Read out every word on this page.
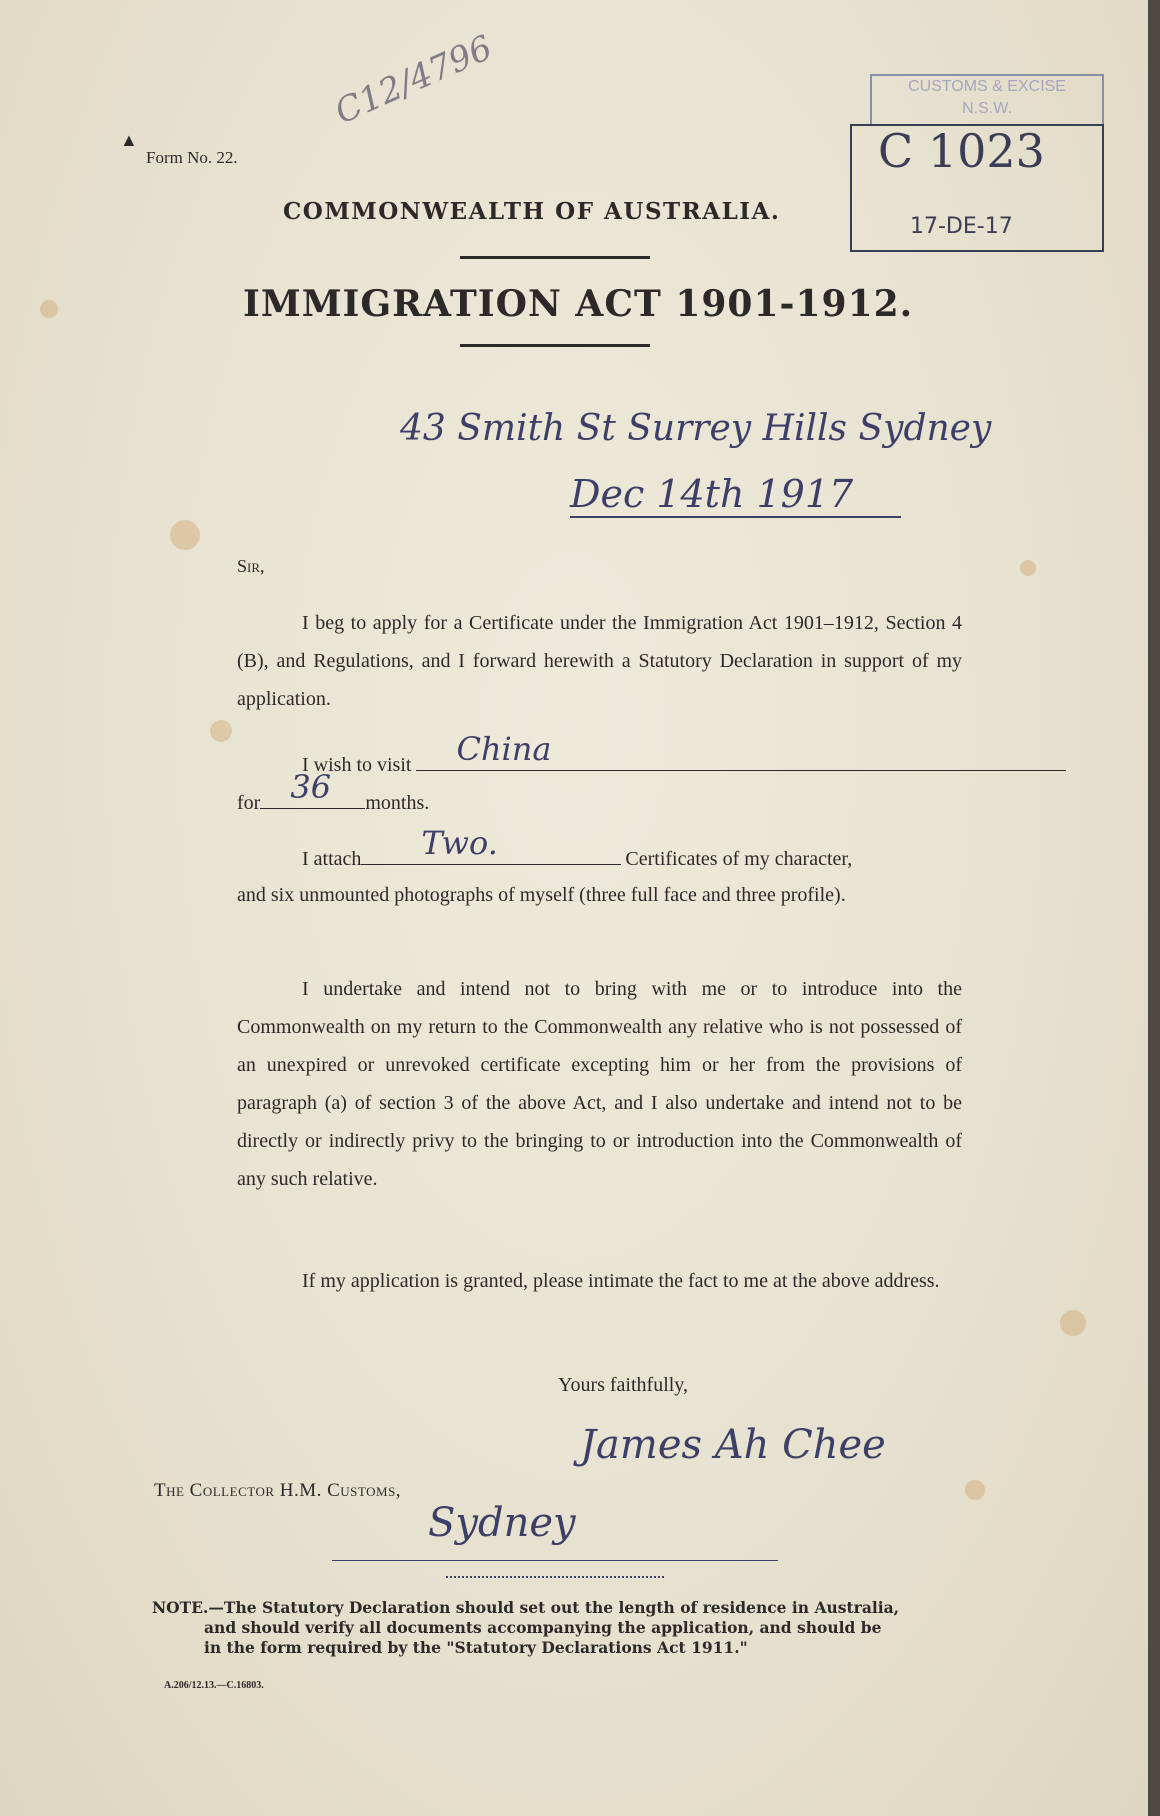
C12/4796
▲
Form No. 22.
COMMONWEALTH OF AUSTRALIA.
IMMIGRATION ACT 1901-1912.
CUSTOMS & EXCISE
N.S.W.
C 1023
17-DE-17
43 Smith St Surrey Hills Sydney
Dec 14th 1917
Sir,
I beg to apply for a Certificate under the Immigration Act 1901–1912, Section 4 (B), and Regulations, and I forward herewith a Statutory Declaration in support of my application.
I wish to visit China
for 36 months.
I attach Two.	Certificates of my character,
and six unmounted photographs of myself (three full face and three profile).
I undertake and intend not to bring with me or to introduce into the Commonwealth on my return to the Commonwealth any relative who is not possessed of an unexpired or unrevoked certificate excepting him or her from the provisions of paragraph (a) of section 3 of the above Act, and I also undertake and intend not to be directly or indirectly privy to the bringing to or introduction into the Commonwealth of any such relative.
If my application is granted, please intimate the fact to me at the above address.
Yours faithfully,
James Ah Chee
The Collector H.M. Customs,
Sydney

NOTE.—The Statutory Declaration should set out the length of residence in Australia,

and should verify all documents accompanying the application, and should be

in the form required by the "Statutory Declarations Act 1911."

A.206/12.13.—C.16803.
